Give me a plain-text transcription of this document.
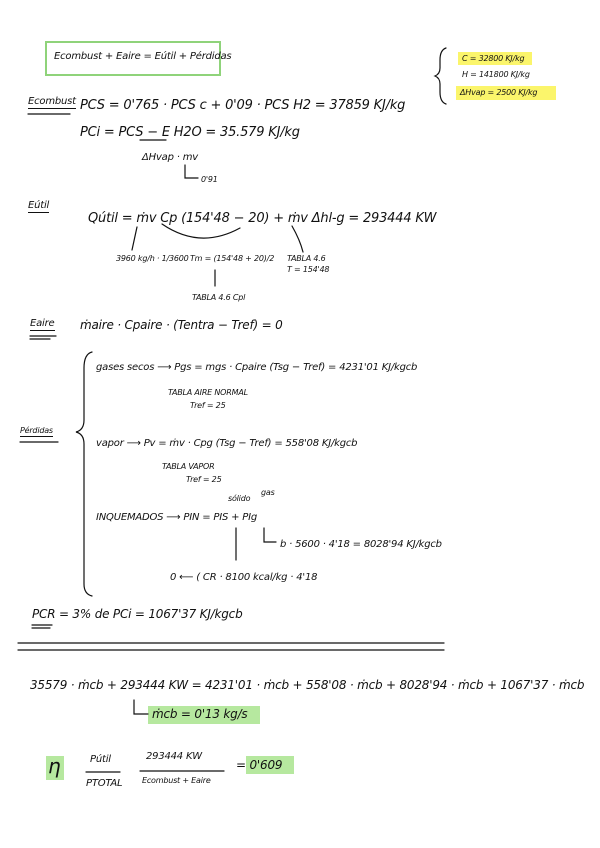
Ecombust + Eaire = Eútil + Pérdidas	C = 32800 KJ/kg
H = 141800 KJ/kg
ΔHvap = 2500 KJ/kg
Ecombust PCS = 0'765 · PCS c + 0'09 · PCS H2 = 37859 KJ/kg
PCi = PCS − E H2O = 35.579 KJ/kg
ΔHvap · mv
0'91
Eútil
Qútil = ṁv Cp (154'48 − 20) + ṁv Δhl-g = 293444 KW
3960 kg/h · 1/3600 Tm = (154'48 + 20)/2
TABLA 4.6 Cpl
TABLA 4.6
T = 154'48
Eaire ṁaire · Cpaire · (Tentra − Tref) = 0
Pérdidas
gases secos ⟶ Pgs = mgs · Cpaire (Tsg − Tref) = 4231'01 KJ/kgcb
TABLA AIRE NORMAL
Tref = 25
vapor ⟶ Pv = ṁv · Cpg (Tsg − Tref) = 558'08 KJ/kgcb
TABLA VAPOR
Tref = 25
sólido
gas
INQUEMADOS ⟶ PIN = PIS + PIg
b · 5600 · 4'18 = 8028'94 KJ/kgcb
0 ⟵ ( CR · 8100 kcal/kg · 4'18
PCR = 3% de PCi = 1067'37 KJ/kgcb
35579 · ṁcb + 293444 KW = 4231'01 · ṁcb + 558'08 · ṁcb + 8028'94 · ṁcb + 1067'37 · ṁcb
ṁcb = 0'13 kg/s
η	Pútil
PTOTAL
293444 KW
Ecombust + Eaire
= 0'609
